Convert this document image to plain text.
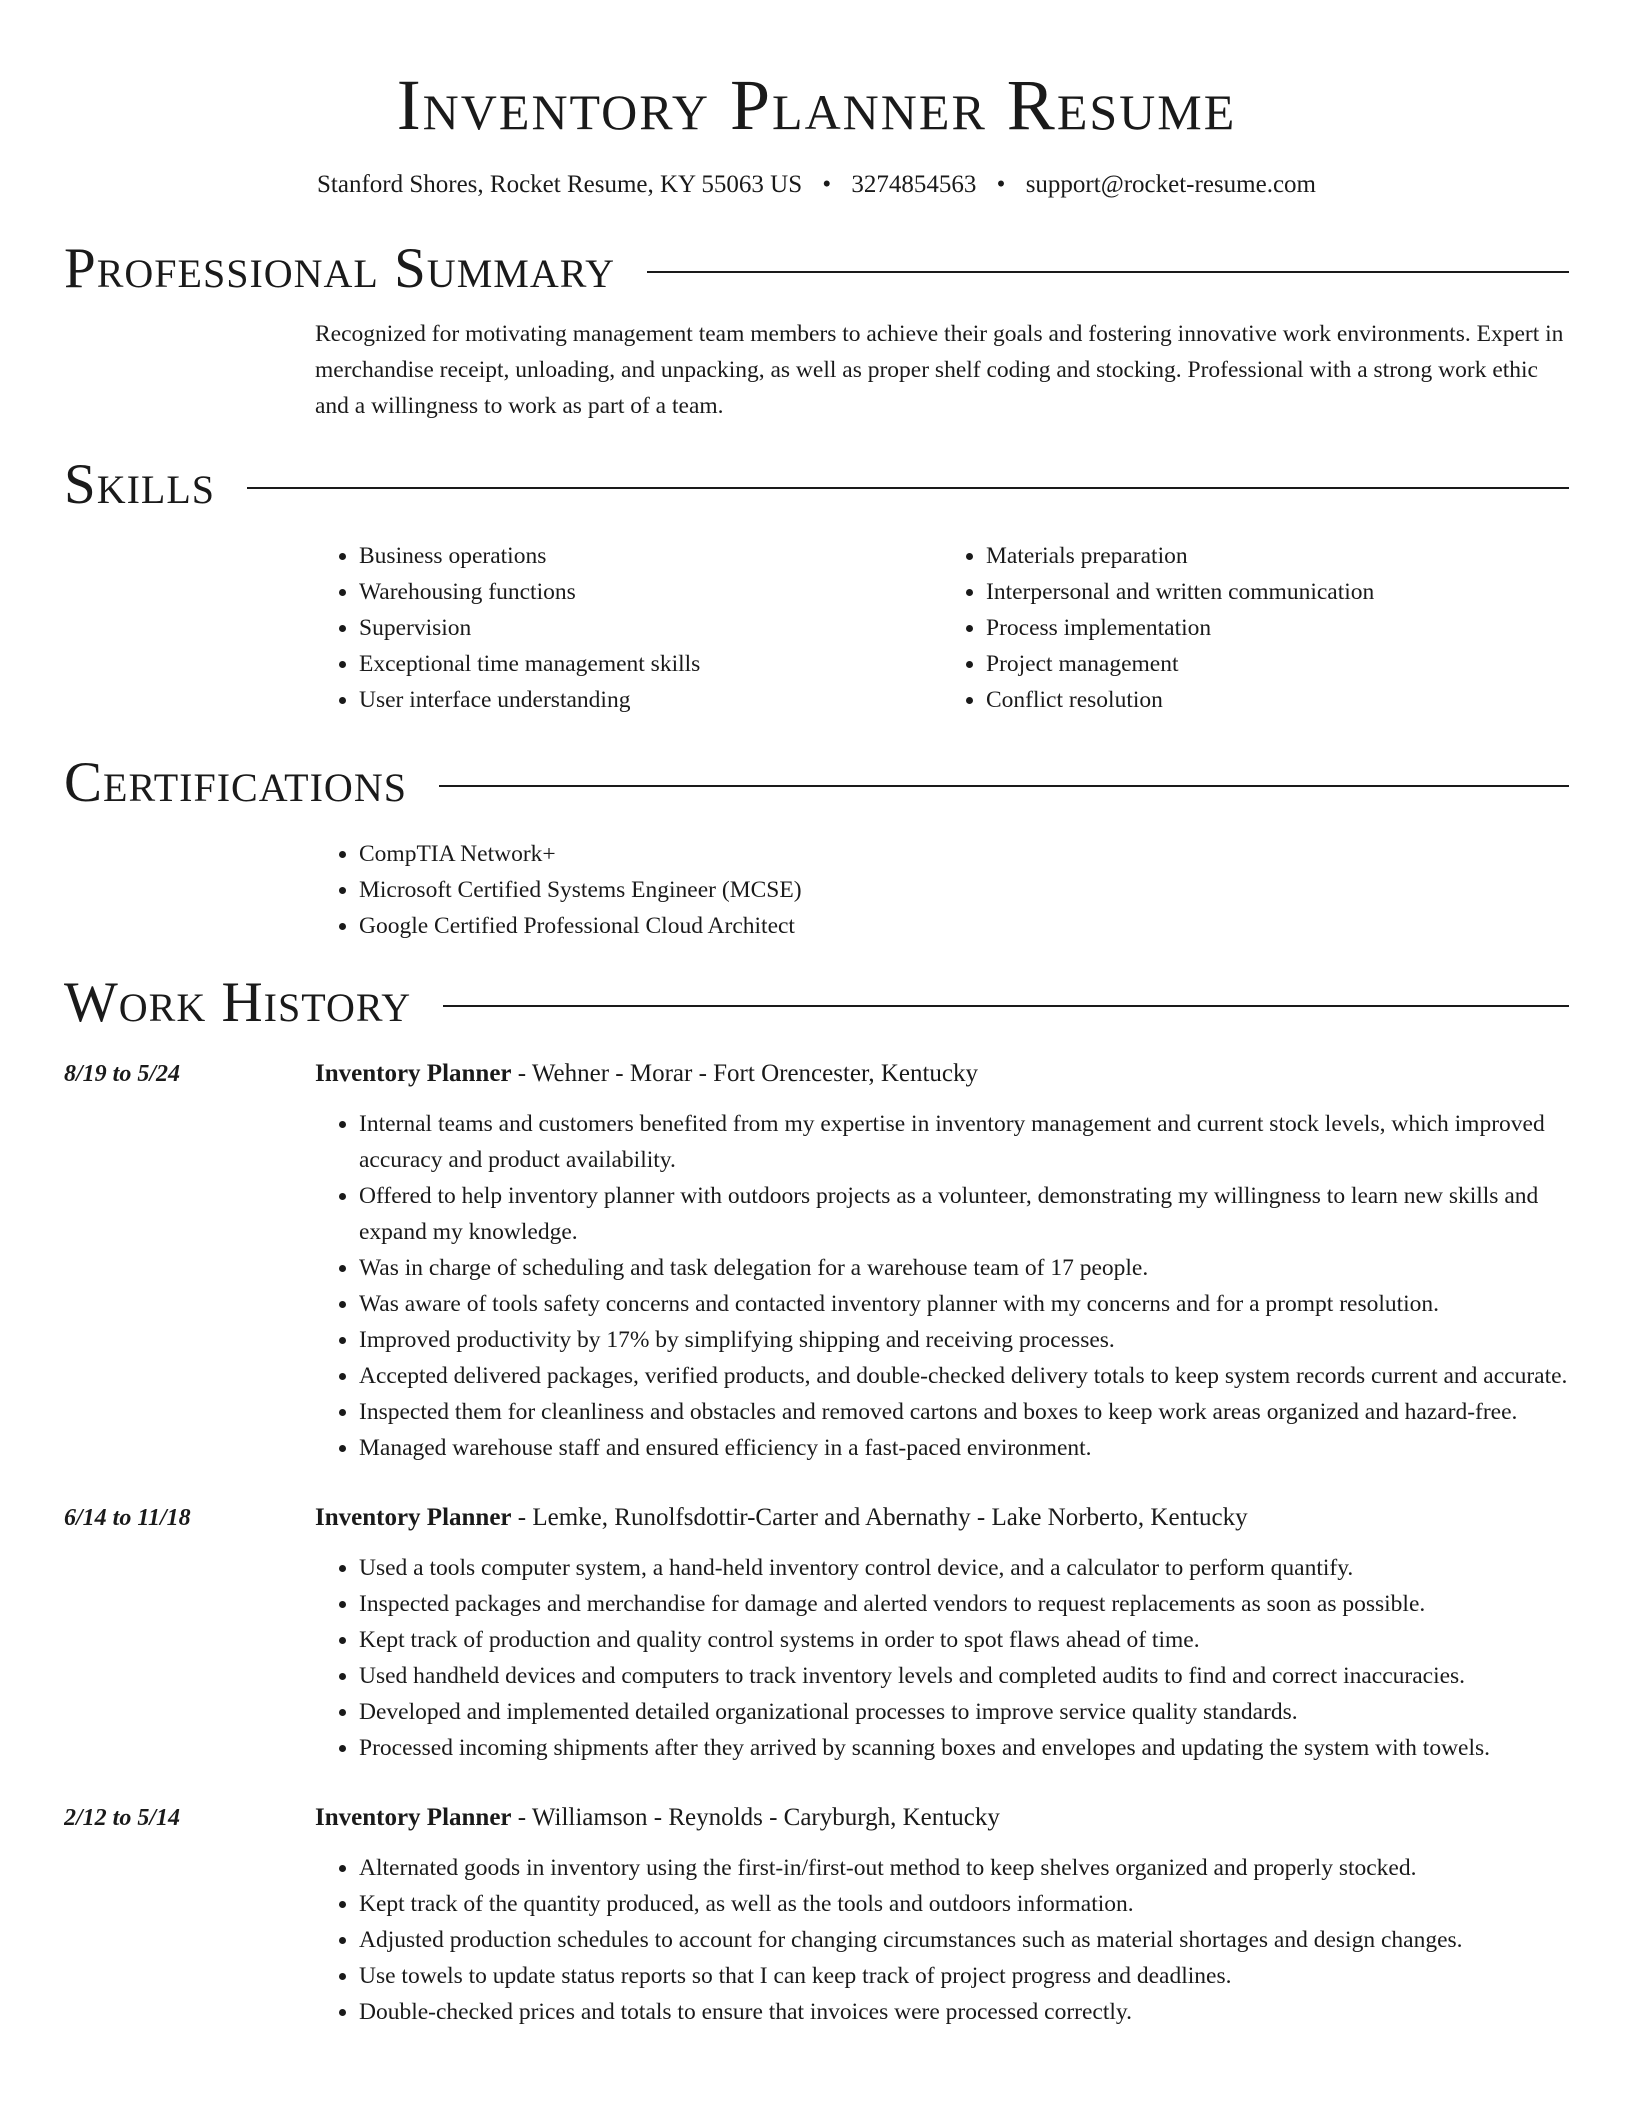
Inventory Planner Resume
Stanford Shores, Rocket Resume, KY 55063 US • 3274854563 • support@rocket-resume.com
Professional Summary
Recognized for motivating management team members to achieve their goals and fostering innovative work environments. Expert in merchandise receipt, unloading, and unpacking, as well as proper shelf coding and stocking. Professional with a strong work ethic and a willingness to work as part of a team.
Skills
• Business operations
• Warehousing functions
• Supervision
• Exceptional time management skills
• User interface understanding
• Materials preparation
• Interpersonal and written communication
• Process implementation
• Project management
• Conflict resolution
Certifications
• CompTIA Network+
• Microsoft Certified Systems Engineer (MCSE)
• Google Certified Professional Cloud Architect
Work History
8/19 to 5/24	Inventory Planner - Wehner - Morar - Fort Orencester, Kentucky
• Internal teams and customers benefited from my expertise in inventory management and current stock levels, which improved accuracy and product availability.
• Offered to help inventory planner with outdoors projects as a volunteer, demonstrating my willingness to learn new skills and expand my knowledge.
• Was in charge of scheduling and task delegation for a warehouse team of 17 people.
• Was aware of tools safety concerns and contacted inventory planner with my concerns and for a prompt resolution.
• Improved productivity by 17% by simplifying shipping and receiving processes.
• Accepted delivered packages, verified products, and double-checked delivery totals to keep system records current and accurate.
• Inspected them for cleanliness and obstacles and removed cartons and boxes to keep work areas organized and hazard-free.
• Managed warehouse staff and ensured efficiency in a fast-paced environment.
6/14 to 11/18	Inventory Planner - Lemke, Runolfsdottir-Carter and Abernathy - Lake Norberto, Kentucky
• Used a tools computer system, a hand-held inventory control device, and a calculator to perform quantify.
• Inspected packages and merchandise for damage and alerted vendors to request replacements as soon as possible.
• Kept track of production and quality control systems in order to spot flaws ahead of time.
• Used handheld devices and computers to track inventory levels and completed audits to find and correct inaccuracies.
• Developed and implemented detailed organizational processes to improve service quality standards.
• Processed incoming shipments after they arrived by scanning boxes and envelopes and updating the system with towels.
2/12 to 5/14	Inventory Planner - Williamson - Reynolds - Caryburgh, Kentucky
• Alternated goods in inventory using the first-in/first-out method to keep shelves organized and properly stocked.
• Kept track of the quantity produced, as well as the tools and outdoors information.
• Adjusted production schedules to account for changing circumstances such as material shortages and design changes.
• Use towels to update status reports so that I can keep track of project progress and deadlines.
• Double-checked prices and totals to ensure that invoices were processed correctly.
